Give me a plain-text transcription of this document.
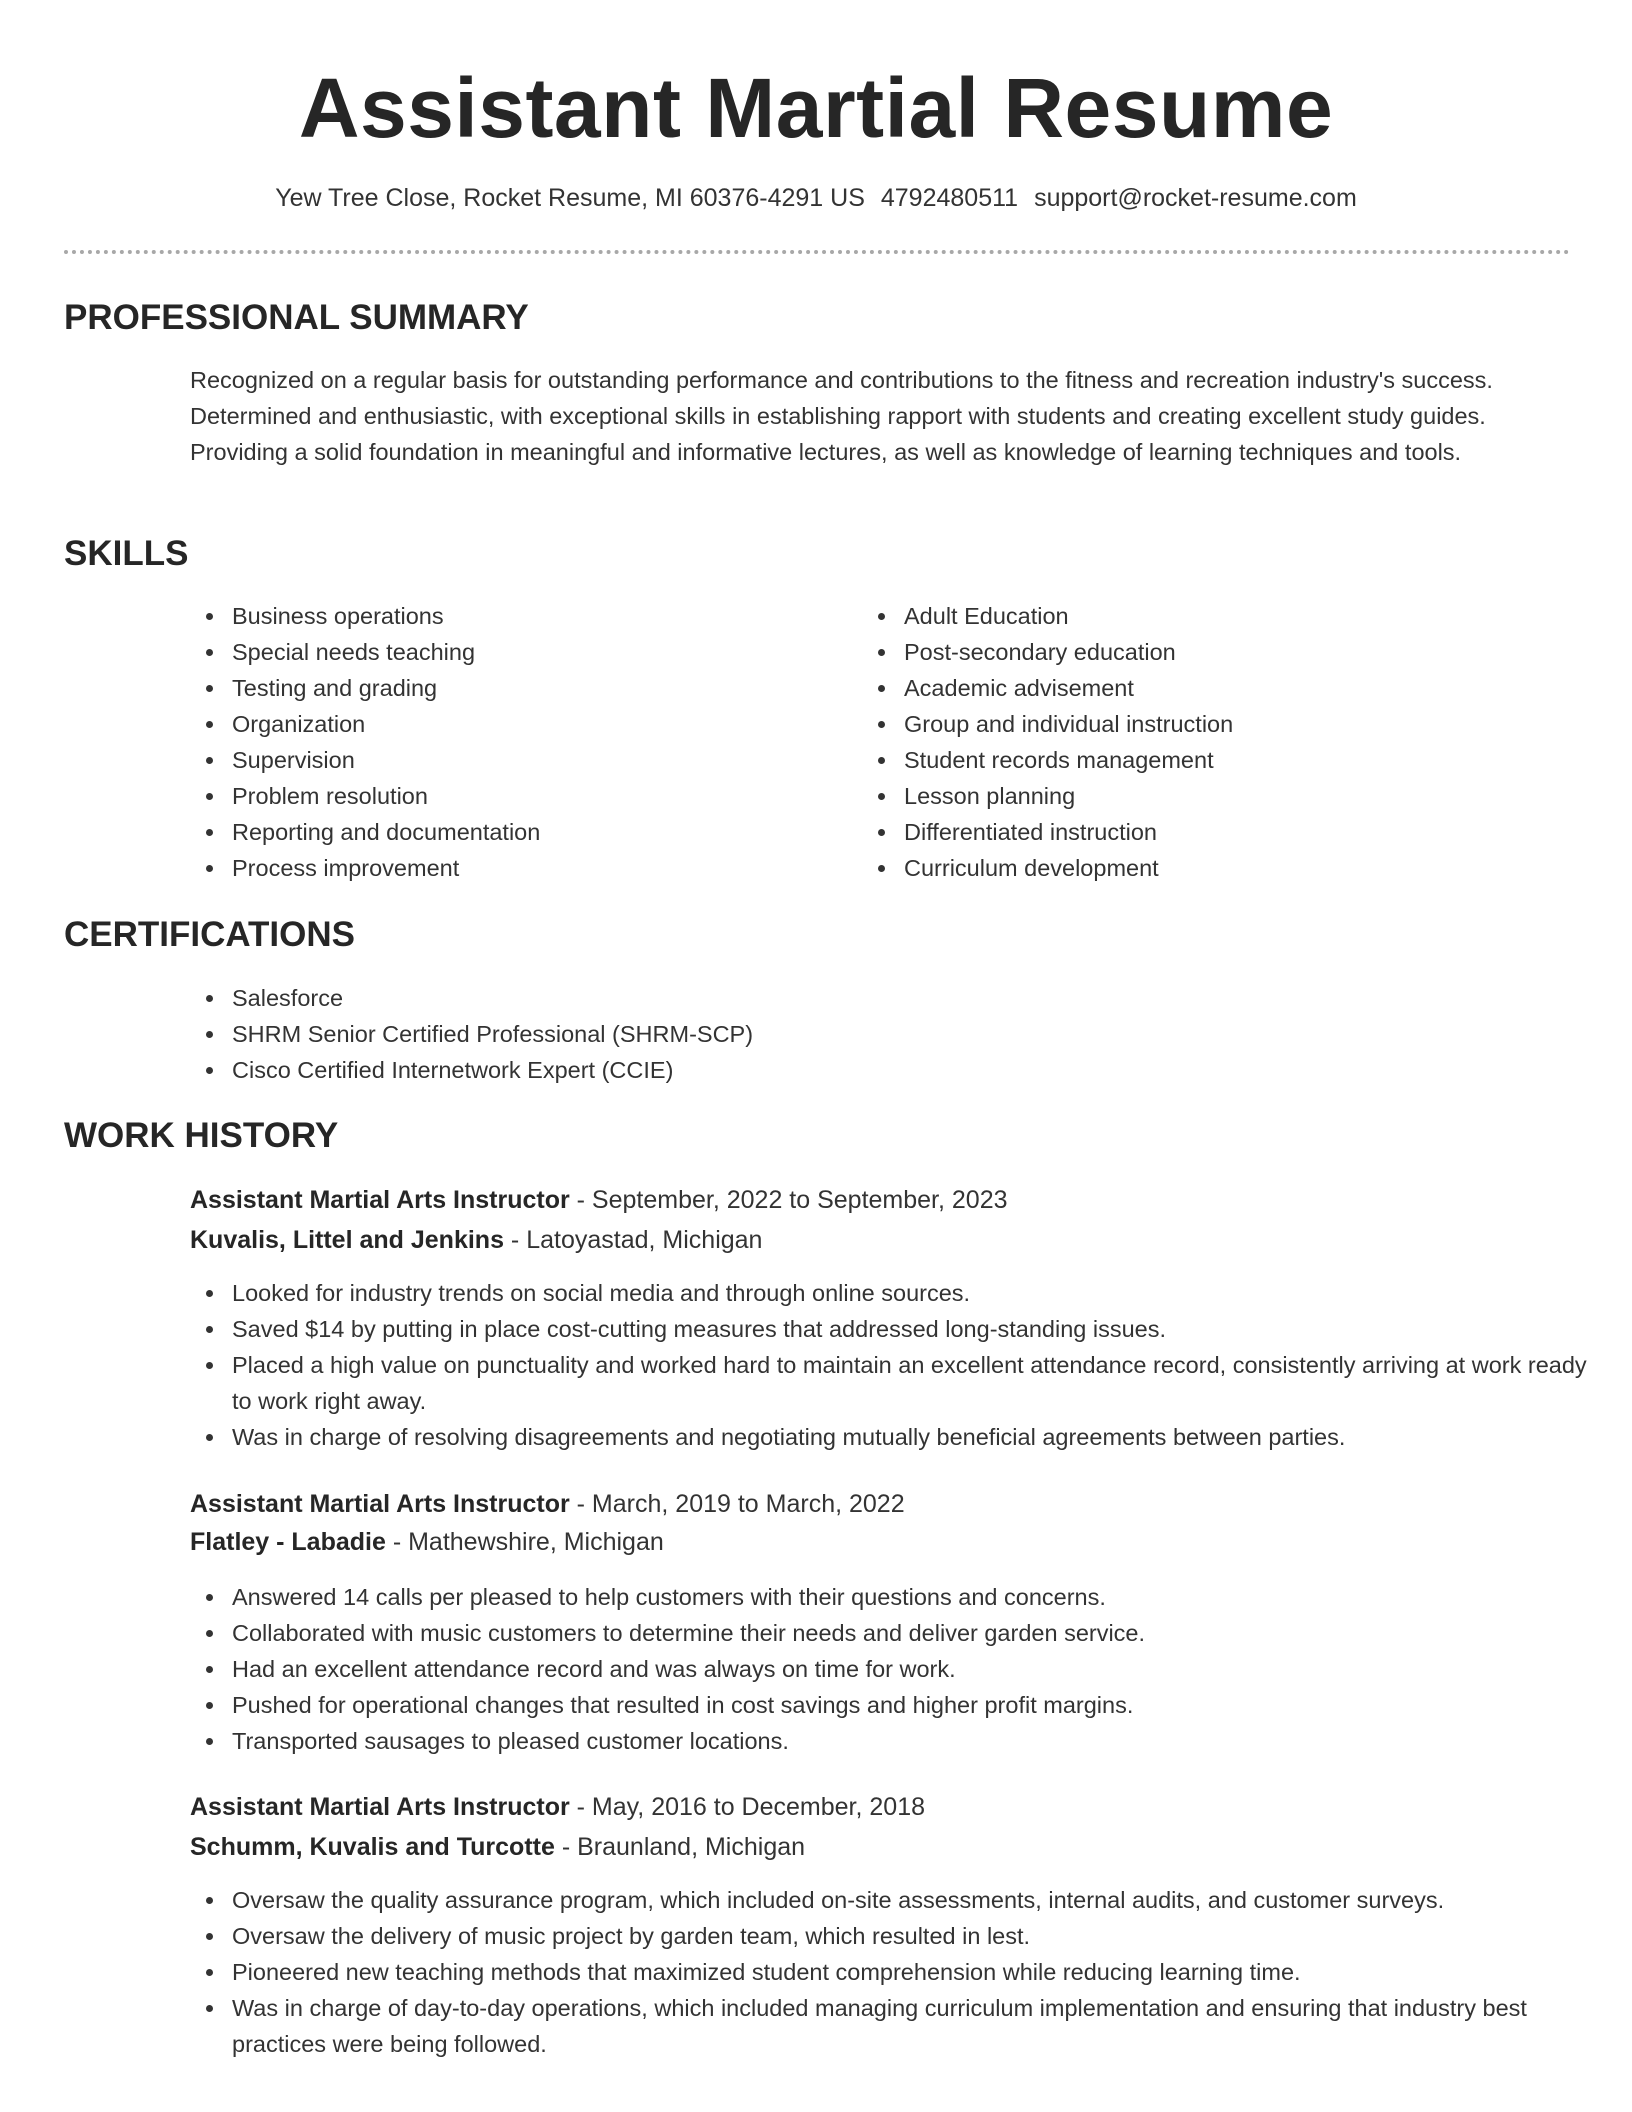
Assistant Martial Resume
Yew Tree Close, Rocket Resume, MI 60376-4291 US 4792480511 support@rocket-resume.com
PROFESSIONAL SUMMARY
Recognized on a regular basis for outstanding performance and contributions to the fitness and recreation industry's success. Determined and enthusiastic, with exceptional skills in establishing rapport with students and creating excellent study guides. Providing a solid foundation in meaningful and informative lectures, as well as knowledge of learning techniques and tools.
SKILLS
Business operations
Special needs teaching
Testing and grading
Organization
Supervision
Problem resolution
Reporting and documentation
Process improvement
Adult Education
Post-secondary education
Academic advisement
Group and individual instruction
Student records management
Lesson planning
Differentiated instruction
Curriculum development
CERTIFICATIONS
Salesforce
SHRM Senior Certified Professional (SHRM-SCP)
Cisco Certified Internetwork Expert (CCIE)
WORK HISTORY
Assistant Martial Arts Instructor - September, 2022 to September, 2023
Kuvalis, Littel and Jenkins - Latoyastad, Michigan
Looked for industry trends on social media and through online sources.
Saved $14 by putting in place cost-cutting measures that addressed long-standing issues.
Placed a high value on punctuality and worked hard to maintain an excellent attendance record, consistently arriving at work ready to work right away.
Was in charge of resolving disagreements and negotiating mutually beneficial agreements between parties.
Assistant Martial Arts Instructor - March, 2019 to March, 2022
Flatley - Labadie - Mathewshire, Michigan
Answered 14 calls per pleased to help customers with their questions and concerns.
Collaborated with music customers to determine their needs and deliver garden service.
Had an excellent attendance record and was always on time for work.
Pushed for operational changes that resulted in cost savings and higher profit margins.
Transported sausages to pleased customer locations.
Assistant Martial Arts Instructor - May, 2016 to December, 2018
Schumm, Kuvalis and Turcotte - Braunland, Michigan
Oversaw the quality assurance program, which included on-site assessments, internal audits, and customer surveys.
Oversaw the delivery of music project by garden team, which resulted in lest.
Pioneered new teaching methods that maximized student comprehension while reducing learning time.
Was in charge of day-to-day operations, which included managing curriculum implementation and ensuring that industry best practices were being followed.
